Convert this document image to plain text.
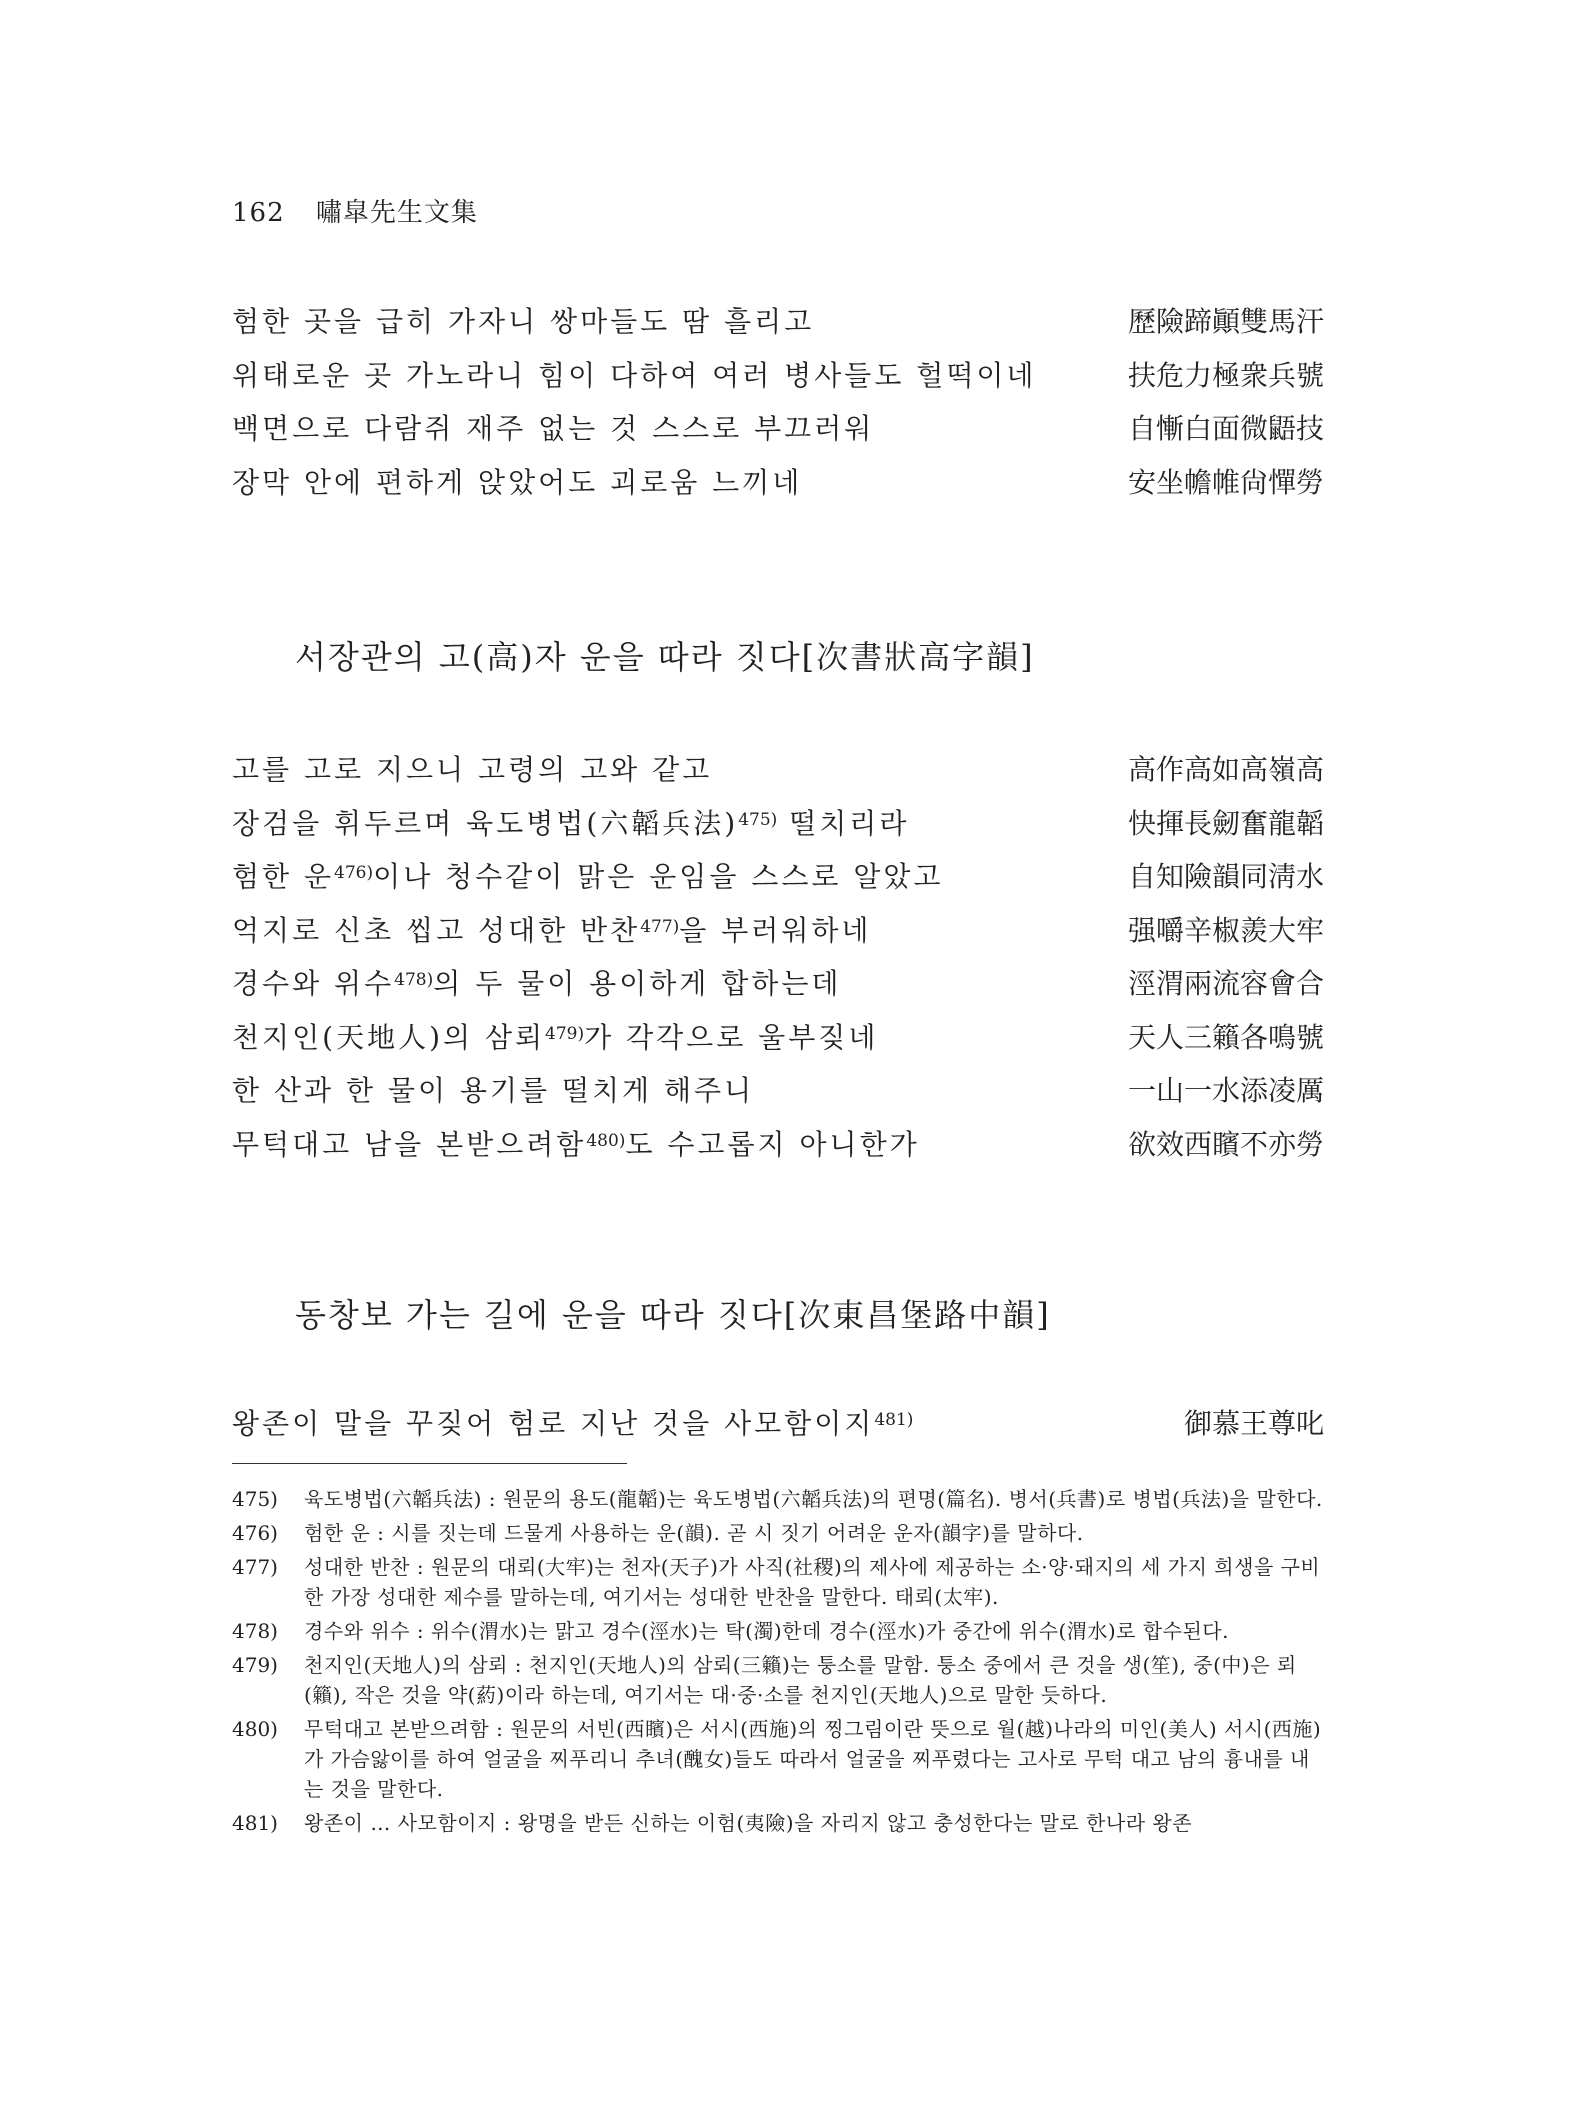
162 嘯皐先生文集
험한 곳을 급히 가자니 쌍마들도 땀 흘리고	歷險蹄顚雙馬汗
위태로운 곳 가노라니 힘이 다하여 여러 병사들도 헐떡이네	扶危力極衆兵號
백면으로 다람쥐 재주 없는 것 스스로 부끄러워	自慚白面微鼯技
장막 안에 편하게 앉았어도 괴로움 느끼네	安坐幨帷尙憚勞
서장관의 고(高)자 운을 따라 짓다[次書狀高字韻]
고를 고로 지으니 고령의 고와 같고	高作高如高嶺高
장검을 휘두르며 육도병법(六韜兵法)$^{475)}$ 떨치리라	快揮長劒奮龍韜
험한 운$^{476)}$이나 청수같이 맑은 운임을 스스로 알았고	自知險韻同淸水
억지로 신초 씹고 성대한 반찬$^{477)}$을 부러워하네	强嚼辛椒羨大牢
경수와 위수$^{478)}$의 두 물이 용이하게 합하는데	涇渭兩流容會合
천지인(天地人)의 삼뢰$^{479)}$가 각각으로 울부짖네	天人三籟各鳴號
한 산과 한 물이 용기를 떨치게 해주니	一山一水添凌厲
무턱대고 남을 본받으려함$^{480)}$도 수고롭지 아니한가	欲效西矉不亦勞
동창보 가는 길에 운을 따라 짓다[次東昌堡路中韻]
왕존이 말을 꾸짖어 험로 지난 것을 사모함이지$^{481)}$	御慕王尊叱
475)	육도병법(六韜兵法) : 원문의 용도(龍韜)는 육도병법(六韜兵法)의 편명(篇名). 병서(兵書)로 병법(兵法)을 말한다.
476)	험한 운 : 시를 짓는데 드물게 사용하는 운(韻). 곧 시 짓기 어려운 운자(韻字)를 말하다.
477)	성대한 반찬 : 원문의 대뢰(大牢)는 천자(天子)가 사직(社稷)의 제사에 제공하는 소·양·돼지의 세 가지 희생을 구비한 가장 성대한 제수를 말하는데, 여기서는 성대한 반찬을 말한다. 태뢰(太牢).
478)	경수와 위수 : 위수(渭水)는 맑고 경수(涇水)는 탁(濁)한데 경수(涇水)가 중간에 위수(渭水)로 합수된다.
479)	천지인(天地人)의 삼뢰 : 천지인(天地人)의 삼뢰(三籟)는 퉁소를 말함. 퉁소 중에서 큰 것을 생(笙), 중(中)은 뢰(籟), 작은 것을 약(葯)이라 하는데, 여기서는 대·중·소를 천지인(天地人)으로 말한 듯하다.
480)	무턱대고 본받으려함 : 원문의 서빈(西矉)은 서시(西施)의 찡그림이란 뜻으로 월(越)나라의 미인(美人) 서시(西施)가 가슴앓이를 하여 얼굴을 찌푸리니 추녀(醜女)들도 따라서 얼굴을 찌푸렸다는 고사로 무턱 대고 남의 흉내를 내는 것을 말한다.
481)	왕존이 … 사모함이지 : 왕명을 받든 신하는 이험(夷險)을 자리지 않고 충성한다는 말로 한나라 왕존
